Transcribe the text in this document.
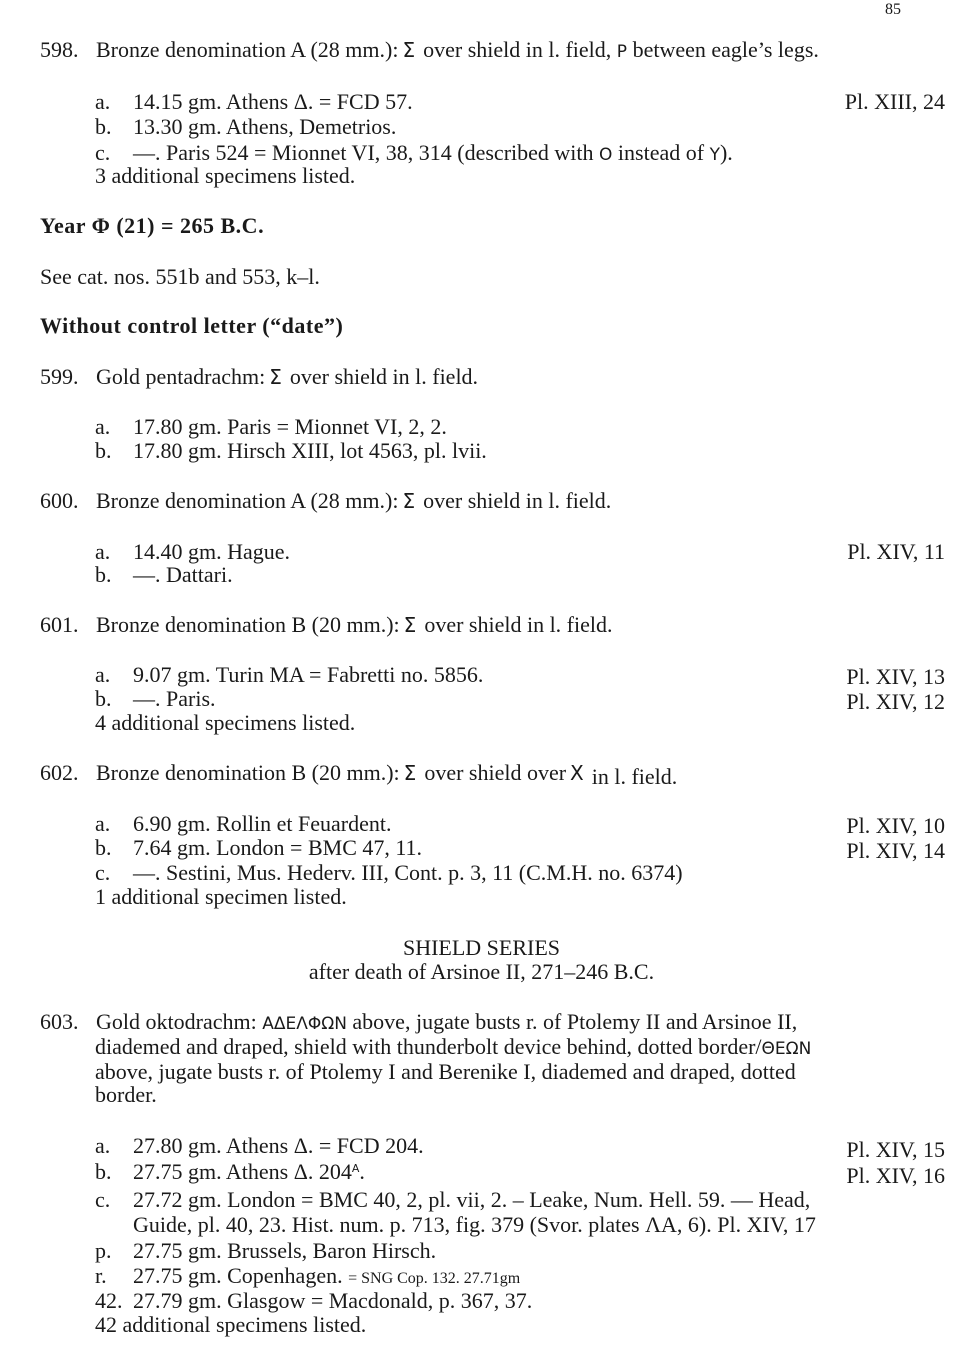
85
598. Bronze denomination A (28 mm.): Ʃ over shield in l. field, P between eagle’s legs.
a. 14.15 gm. Athens Δ. = FCD 57.	Pl. XIII, 24
b. 13.30 gm. Athens, Demetrios.
c. —. Paris 524 = Mionnet VI, 38, 314 (described with O instead of Y).
3 additional specimens listed.
Year Φ (21) = 265 B.C.
See cat. nos. 551b and 553, k–l.
Without control letter (“date”)
599. Gold pentadrachm: Ʃ over shield in l. field.
a. 17.80 gm. Paris = Mionnet VI, 2, 2.
b. 17.80 gm. Hirsch XIII, lot 4563, pl. lvii.
600. Bronze denomination A (28 mm.): Ʃ over shield in l. field.
a. 14.40 gm. Hague.	Pl. XIV, 11
b. —. Dattari.
601. Bronze denomination B (20 mm.): Ʃ over shield in l. field.
a. 9.07 gm. Turin MA = Fabretti no. 5856.	Pl. XIV, 13
b. —. Paris.	Pl. XIV, 12
4 additional specimens listed.
602. Bronze denomination B (20 mm.): Ʃ over shield over X in l. field.
a. 6.90 gm. Rollin et Feuardent.	Pl. XIV, 10
b. 7.64 gm. London = BMC 47, 11.	Pl. XIV, 14
c. —. Sestini, Mus. Hederv. III, Cont. p. 3, 11 (C.M.H. no. 6374)
1 additional specimen listed.
SHIELD SERIES
after death of Arsinoe II, 271–246 B.C.
603. Gold oktodrachm: ΑΔΕΛΦΩΝ above, jugate busts r. of Ptolemy II and Arsinoe II,
diademed and draped, shield with thunderbolt device behind, dotted border/ΘΕΩΝ
above, jugate busts r. of Ptolemy I and Berenike I, diademed and draped, dotted
border.
a. 27.80 gm. Athens Δ. = FCD 204.	Pl. XIV, 15
b. 27.75 gm. Athens Δ. $204^A$.	Pl. XIV, 16
c. 27.72 gm. London = BMC 40, 2, pl. vii, 2. – Leake, Num. Hell. 59. — Head,
Guide, pl. 40, 23. Hist. num. p. 713, fig. 379 (Svor. plates ΛΑ, 6). Pl. XIV, 17
p. 27.75 gm. Brussels, Baron Hirsch.
r. 27.75 gm. Copenhagen. = SNG Cop. 132. 27.71gm
42. 27.79 gm. Glasgow = Macdonald, p. 367, 37.
42 additional specimens listed.
